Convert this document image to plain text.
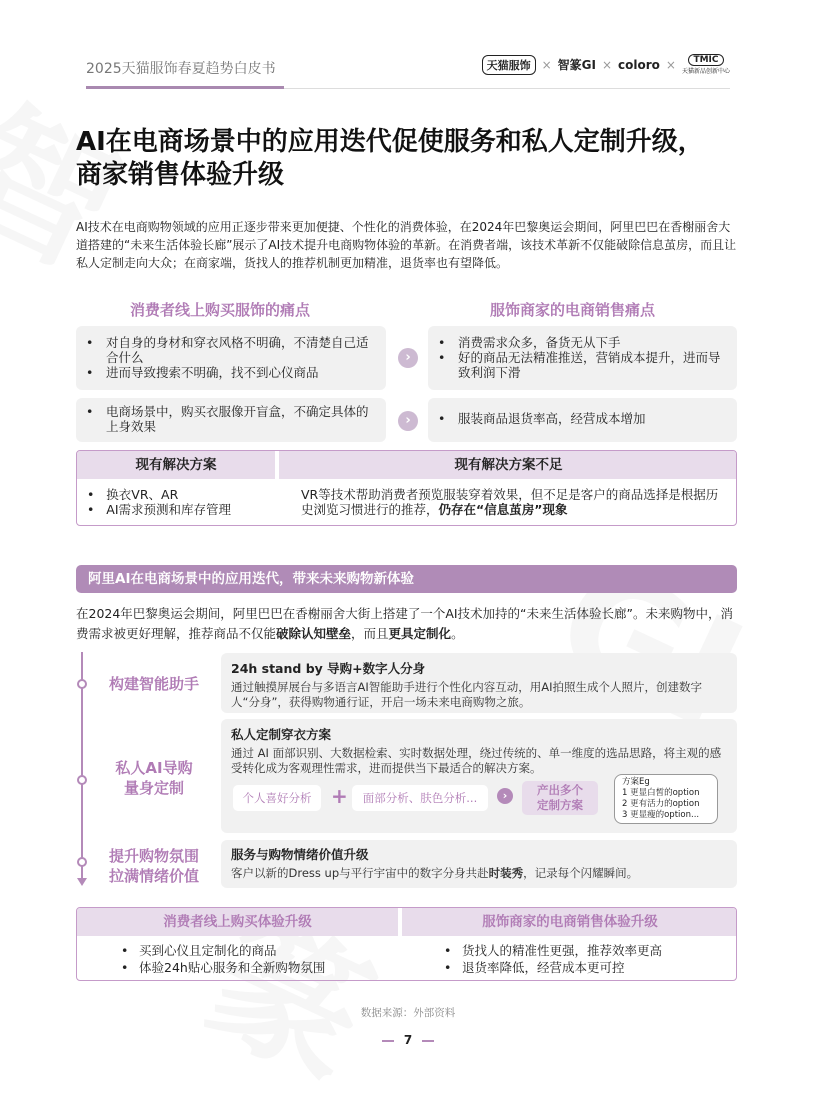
2025天猫服饰春夏趋势白皮书	天猫服饰 × 智篆GI × coloro ×	TMIC
天猫新品创新中心
AI在电商场景中的应用迭代促使服务和私人定制升级，
商家销售体验升级
AI技术在电商购物领域的应用正逐步带来更加便捷、个性化的消费体验，在2024年巴黎奥运会期间，阿里巴巴在香榭丽舍大道搭建的“未来生活体验长廊”展示了AI技术提升电商购物体验的革新。在消费者端，该技术革新不仅能破除信息茧房，而且让私人定制走向大众；在商家端，货找人的推荐机制更加精准，退货率也有望降低。
消费者线上购买服饰的痛点	服饰商家的电商销售痛点
• 对自身的身材和穿衣风格不明确，不清楚自己适合什么
• 进而导致搜索不明确，找不到心仪商品
›
• 消费需求众多，备货无从下手
• 好的商品无法精准推送，营销成本提升，进而导致利润下滑
• 电商场景中，购买衣服像开盲盒，不确定具体的上身效果	›
•	服装商品退货率高，经营成本增加
现有解决方案	现有解决方案不足
•   换衣VR、AR
•   AI需求预测和库存管理
VR等技术帮助消费者预览服装穿着效果，但不足是客户的商品选择是根据历史浏览习惯进行的推荐，仍存在“信息茧房”现象
阿里AI在电商场景中的应用迭代，带来未来购物新体验
在2024年巴黎奥运会期间，阿里巴巴在香榭丽舍大街上搭建了一个AI技术加持的“未来生活体验长廊”。未来购物中，消费需求被更好理解，推荐商品不仅能破除认知壁垒，而且更具定制化。
构建智能助手
私人AI导购
量身定制
提升购物氛围
拉满情绪价值
24h stand by 导购+数字人分身
通过触摸屏展台与多语言AI智能助手进行个性化内容互动，用AI拍照生成个人照片，创建数字人“分身”，获得购物通行证，开启一场未来电商购物之旅。
私人定制穿衣方案
通过 AI 面部识别、大数据检索、实时数据处理，绕过传统的、单一维度的选品思路，将主观的感受转化成为客观理性需求，进而提供当下最适合的解决方案。
个人喜好分析 +	面部分析、肤色分析...	›	产出多个
定制方案
方案Eg
1 更显白皙的option
2 更有活力的option
3 更显瘦的option...
服务与购物情绪价值升级
客户以新的Dress up与平行宇宙中的数字分身共赴时装秀，记录每个闪耀瞬间。
消费者线上购买体验升级	服饰商家的电商销售体验升级
• 买到心仪且定制化的商品
• 体验24h贴心服务和全新购物氛围
• 货找人的精准性更强，推荐效率更高
• 退货率降低，经营成本更可控
数据来源：外部资料
7
